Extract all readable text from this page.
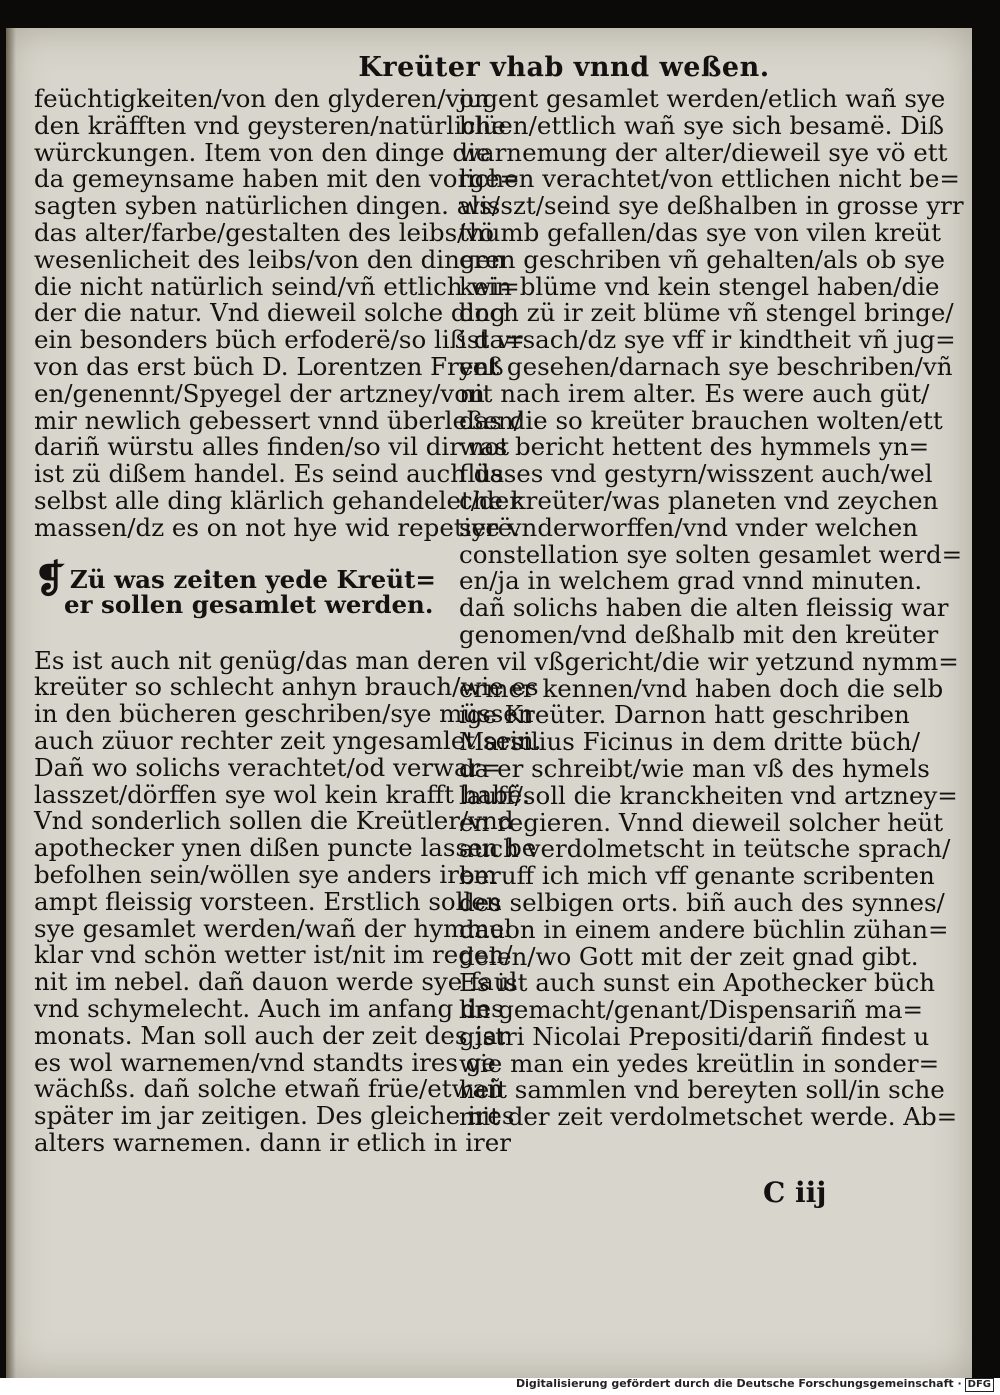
Kreüter vhab vnnd weßen.
feüchtigkeiten/von den glyderen/von
den kräfften vnd geysteren/natürliche
würckungen. Item von den dinge die
da gemeynsame haben mit den vorge=
sagten syben natürlichen dingen. als/
das alter/farbe/gestalten des leibs/vö
wesenlicheit des leibs/von den dingen
die nicht natürlich seind/vñ ettlich wi=
der die natur. Vnd dieweil solche ding
ein besonders büch erfoderë/so liß da=
von das erst büch D. Lorentzen Fryeß
en/genennt/Spyegel der artzney/von
mir newlich gebessert vnnd überleßen/
dariñ würstu alles finden/so vil dir not
ist zü dißem handel. Es seind auch da
selbst alle ding klärlich gehandelet/der
massen/dz es on not hye wid repetierë.
❡ Zü was zeiten yede Kreüt=
er sollen gesamlet werden.
Es ist auch nit genüg/das man der
kreüter so schlecht anhyn brauch/wie es
in den bücheren geschriben/sye müssen
auch züuor rechter zeit yngesamlet sein.
Dañ wo solichs verachtet/od verwar=
lasszet/dörffen sye wol kein krafft habë.
Vnd sonderlich sollen die Kreütler/vnd
apothecker ynen dißen puncte lassen be
befolhen sein/wöllen sye anders irem
ampt fleissig vorsteen. Erstlich sollen
sye gesamlet werden/wañ der hymmel
klar vnd schön wetter ist/nit im regen/
nit im nebel. dañ dauon werde sye faul
vnd schymelecht. Auch im anfang des
monats. Man soll auch der zeit des jar
es wol warnemen/vnd standts ires ge
wächßs. dañ solche etwañ früe/etwañ
später im jar zeitigen. Des gleiche ires
alters warnemen. dann ir etlich in irer
jugent gesamlet werden/etlich wañ sye
blüen/ettlich wañ sye sich besamë. Diß
warnemung der alter/dieweil sye vö ett
lichen verachtet/von ettlichen nicht be=
wisszt/seind sye deßhalben in grosse yrr
thumb gefallen/das sye von vilen kreüt
eren geschriben vñ gehalten/als ob sye
kein blüme vnd kein stengel haben/die
doch zü ir zeit blüme vñ stengel bringe/
ist vrsach/dz sye vff ir kindtheit vñ jug=
ent gesehen/darnach sye beschriben/vñ
nit nach irem alter. Es were auch güt/
das die so kreüter brauchen wolten/ett
was bericht hettent des hymmels yn=
flüsses vnd gestyrn/wisszent auch/wel
che kreüter/was planeten vnd zeychen
sye vnderworffen/vnd vnder welchen
constellation sye solten gesamlet werd=
en/ja in welchem grad vnnd minuten.
dañ solichs haben die alten fleissig war
genomen/vnd deßhalb mit den kreüter
en vil vßgericht/die wir yetzund nymm=
ermer kennen/vnd haben doch die selb
ige Kreüter. Darnon hatt geschriben
Marsilius Ficinus in dem dritte büch/
da er schreibt/wie man vß des hymels
lauff/soll die kranckheiten vnd artzney=
en regieren. Vnnd dieweil solcher heüt
auch verdolmetscht in teütsche sprach/
beruff ich mich vff genante scribenten
des selbigen orts. biñ auch des synnes/
dauon in einem andere büchlin zühan=
delen/wo Gott mit der zeit gnad gibt.
Es ist auch sunst ein Apothecker büch
lin gemacht/genant/Dispensariñ ma=
gistri Nicolai Prepositi/dariñ findest u
wie man ein yedes kreütlin in sonder=
heit sammlen vnd bereyten soll/in sche
mit der zeit verdolmetschet werde. Ab=
C iij
Digitalisierung gefördert durch die Deutsche Forschungsgemeinschaft · DFG
